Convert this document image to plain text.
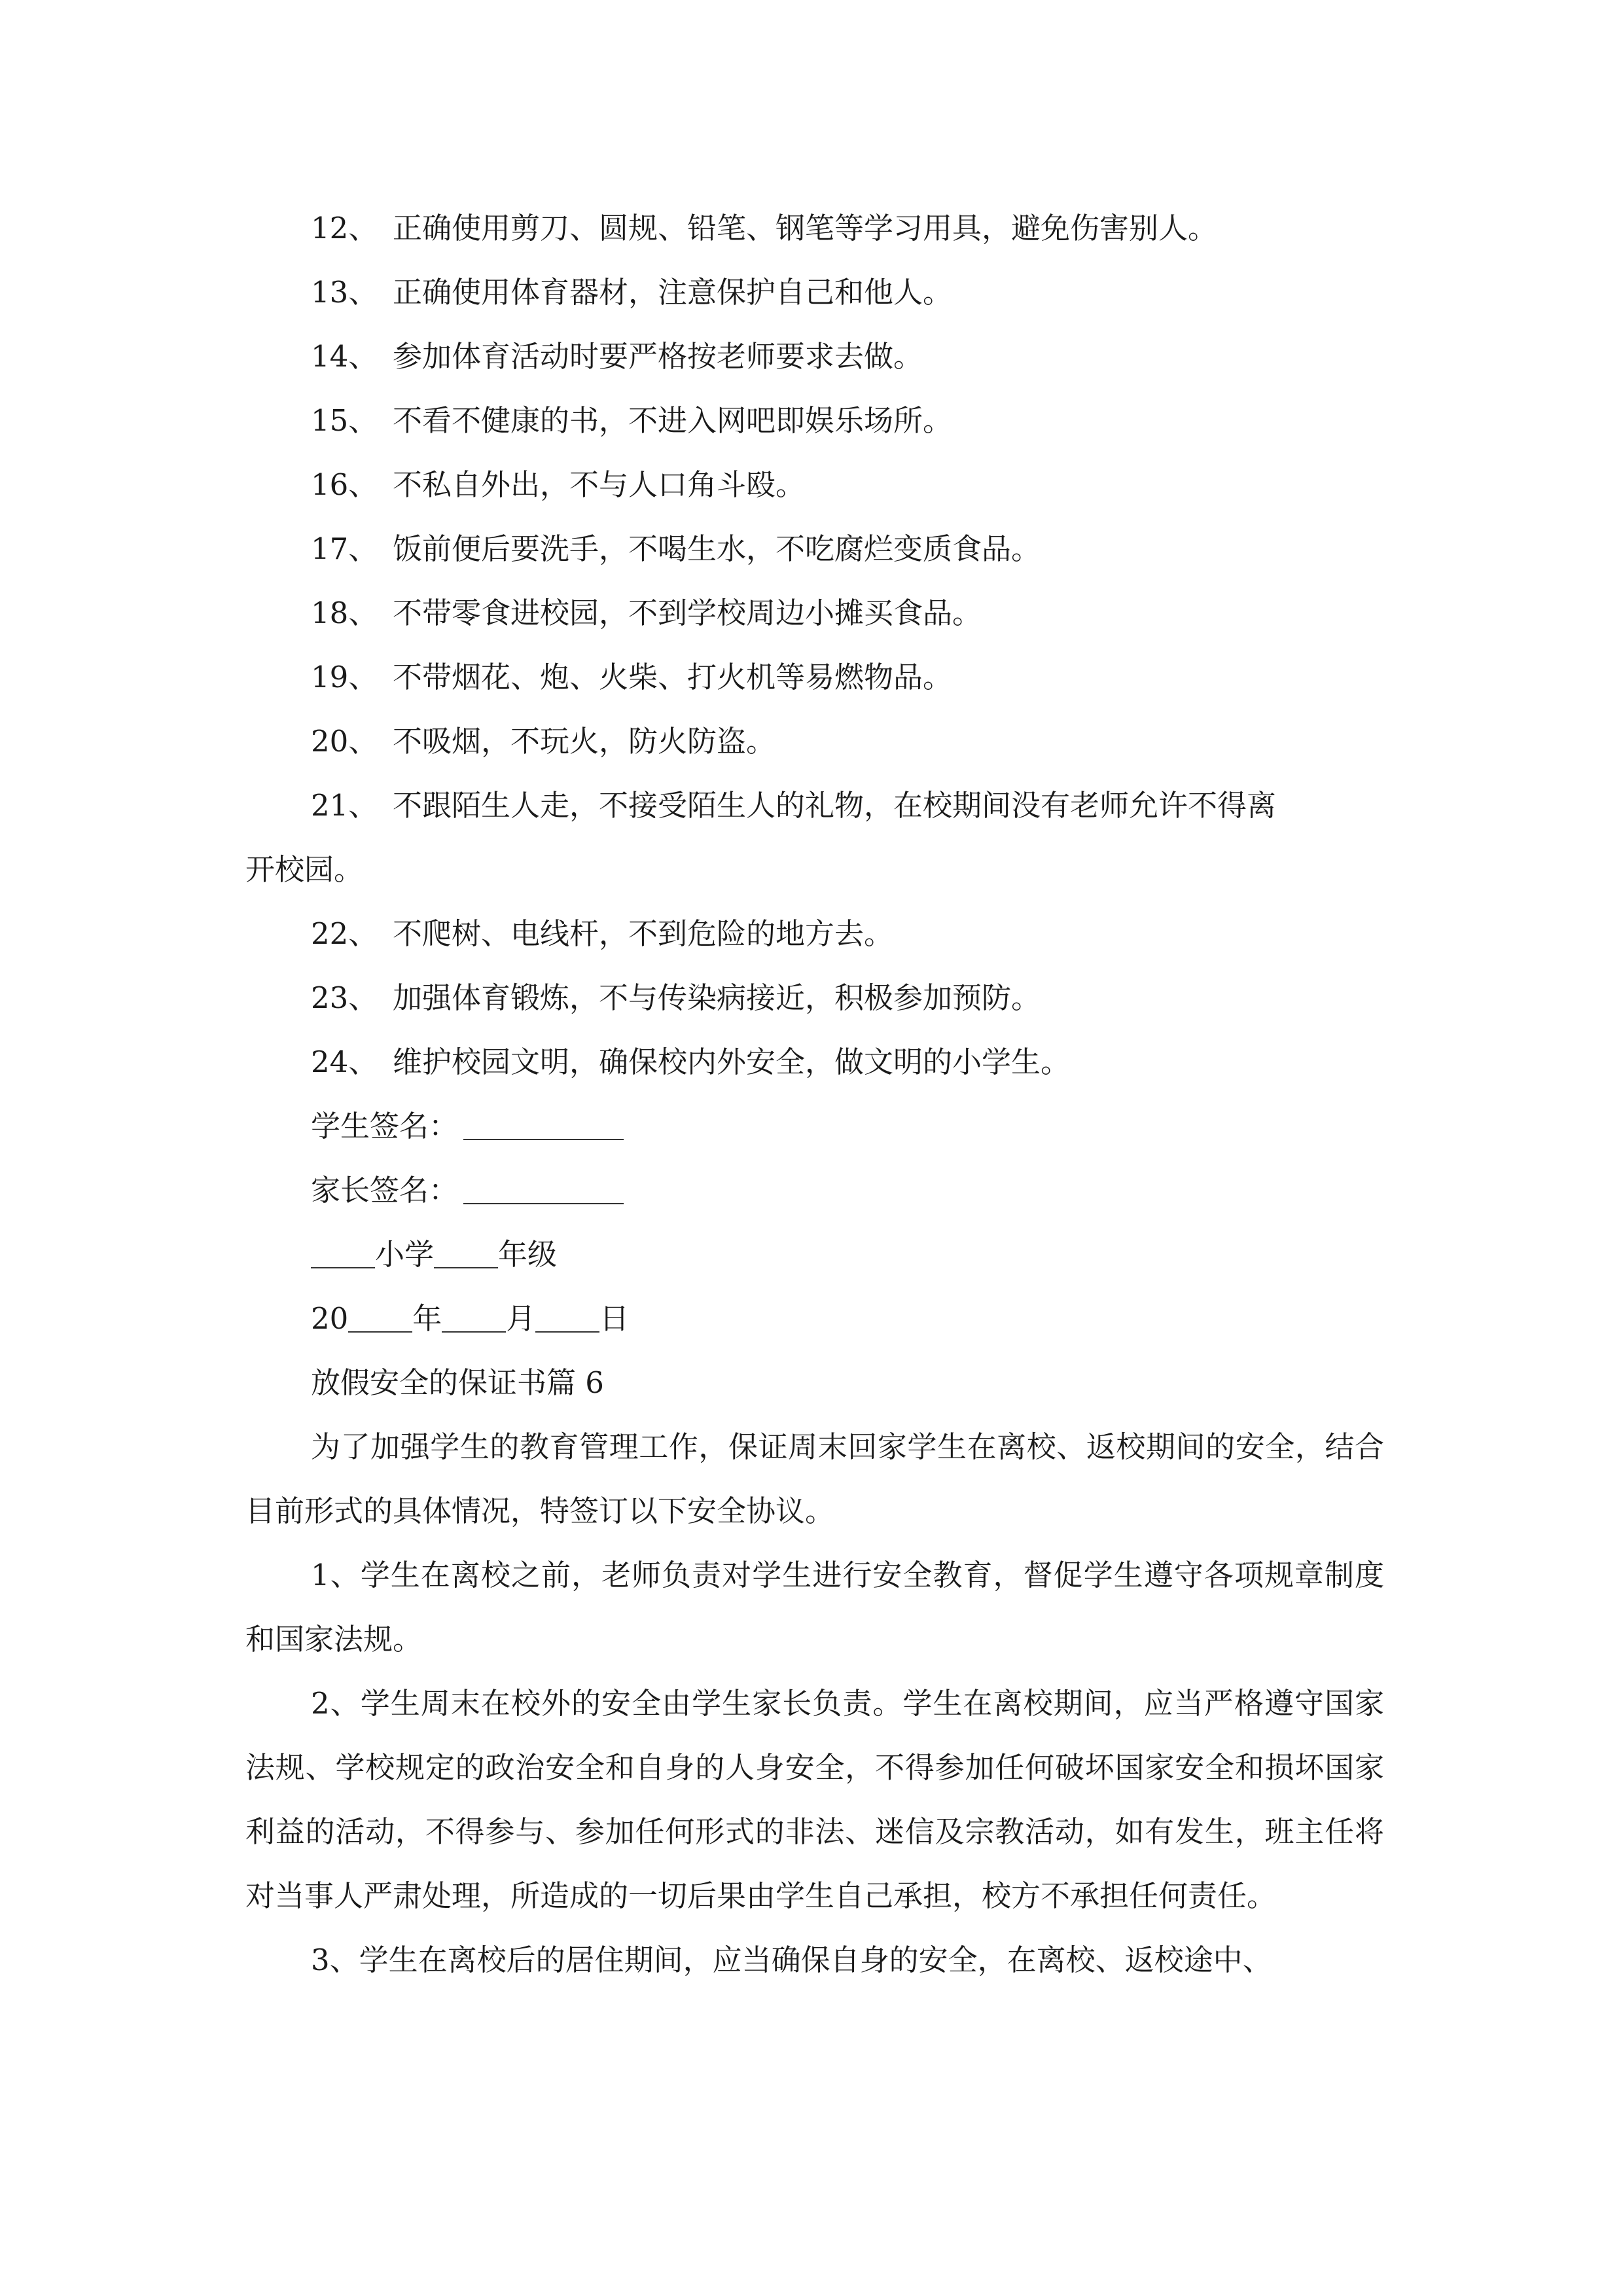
12、 正确使用剪刀、圆规、铅笔、钢笔等学习用具，避免伤害别人。
13、 正确使用体育器材，注意保护自己和他人。
14、 参加体育活动时要严格按老师要求去做。
15、 不看不健康的书，不进入网吧即娱乐场所。
16、 不私自外出，不与人口角斗殴。
17、 饭前便后要洗手，不喝生水，不吃腐烂变质食品。
18、 不带零食进校园，不到学校周边小摊买食品。
19、 不带烟花、炮、火柴、打火机等易燃物品。
20、 不吸烟，不玩火，防火防盗。
21、 不跟陌生人走，不接受陌生人的礼物，在校期间没有老师允许不得离
开校园。
22、 不爬树、电线杆，不到危险的地方去。
23、 加强体育锻炼，不与传染病接近，积极参加预防。
24、 维护校园文明，确保校内外安全，做文明的小学生。
学生签名：
家长签名：
小学 年级
20 年 月 日
放假安全的保证书篇 6

为了加强学生的教育管理工作，保证周末回家学生在离校、返校期间的安全，结合目前形式的具体情况，特签订以下安全协议。

1、学生在离校之前，老师负责对学生进行安全教育，督促学生遵守各项规章制度和国家法规。

2、学生周末在校外的安全由学生家长负责。学生在离校期间，应当严格遵守国家法规、学校规定的政治安全和自身的人身安全，不得参加任何破坏国家安全和损坏国家利益的活动，不得参与、参加任何形式的非法、迷信及宗教活动，如有发生，班主任将对当事人严肃处理，所造成的一切后果由学生自己承担，校方不承担任何责任。

3、学生在离校后的居住期间，应当确保自身的安全，在离校、返校途中、
